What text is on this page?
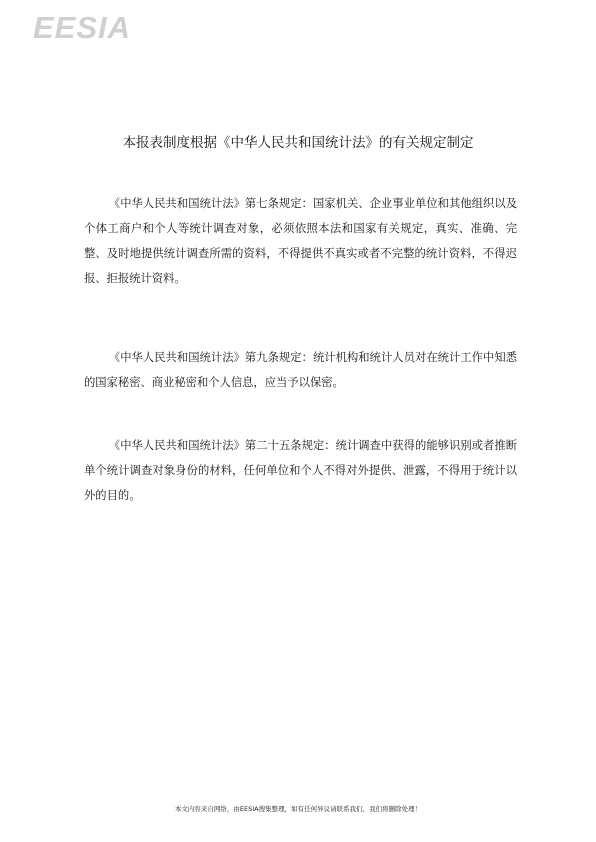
EESIA
本报表制度根据《中华人民共和国统计法》的有关规定制定

《中华人民共和国统计法》第七条规定：国家机关、企业事业单位和其他组织以及个体工商户和个人等统计调查对象，必须依照本法和国家有关规定，真实、准确、完整、及时地提供统计调查所需的资料，不得提供不真实或者不完整的统计资料，不得迟报、拒报统计资料。

《中华人民共和国统计法》第九条规定：统计机构和统计人员对在统计工作中知悉的国家秘密、商业秘密和个人信息，应当予以保密。

《中华人民共和国统计法》第二十五条规定：统计调查中获得的能够识别或者推断单个统计调查对象身份的材料，任何单位和个人不得对外提供、泄露，不得用于统计以外的目的。

本文内容来自网络，由EESIA搜集整理，如有任何异议请联系我们，我们将删除处理！
